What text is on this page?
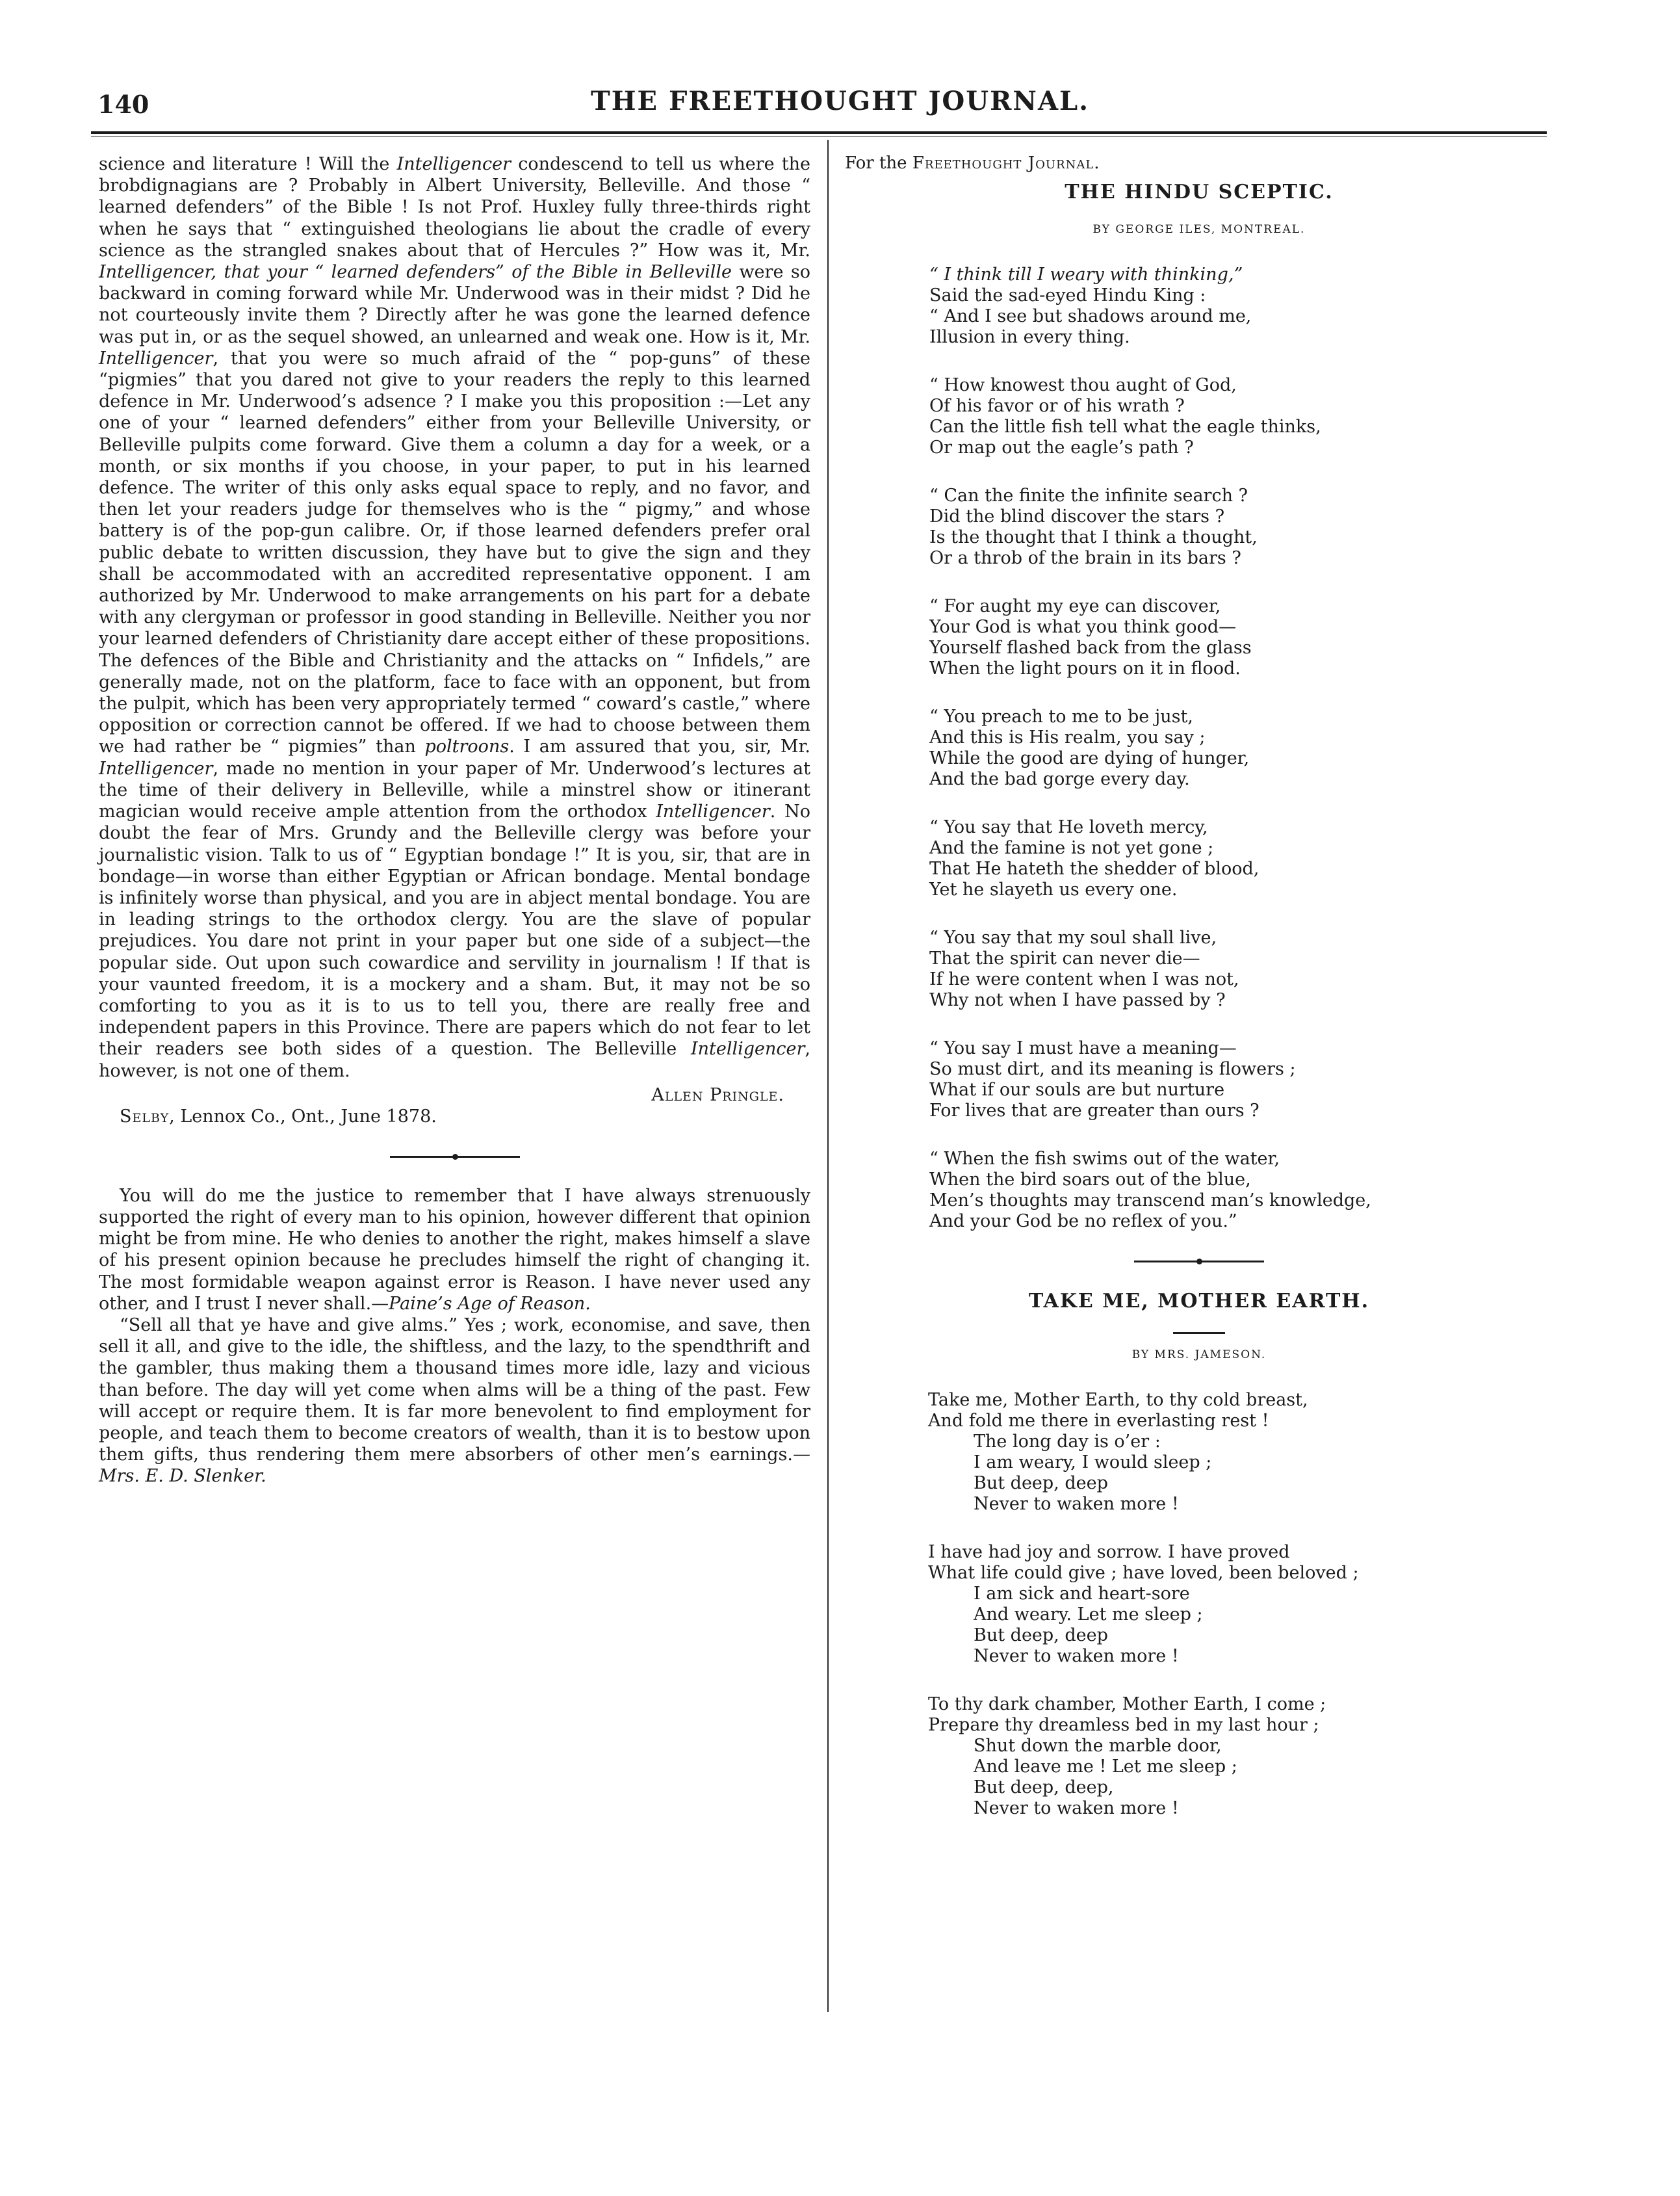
140	THE FREETHOUGHT JOURNAL.

science and literature ! Will the Intelligencer condescend to tell us where the brobdignagians are ? Probably in Albert University, Belleville. And those “ learned defenders” of the Bible ! Is not Prof. Huxley fully three-thirds right when he says that “ extinguished theologians lie about the cradle of every science as the strangled snakes about that of Hercules ?” How was it, Mr. Intelligencer, that your “ learned defenders” of the Bible in Belleville were so backward in coming forward while Mr. Underwood was in their midst ? Did he not courteously invite them ? Directly after he was gone the learned defence was put in, or as the sequel showed, an unlearned and weak one. How is it, Mr. Intelligencer, that you were so much afraid of the “ pop-guns” of these “pigmies” that you dared not give to your readers the reply to this learned defence in Mr. Underwood’s adsence ? I make you this proposition :—Let any one of your “ learned defenders” either from your Belleville University, or Belleville pulpits come forward. Give them a column a day for a week, or a month, or six months if you choose, in your paper, to put in his learned defence. The writer of this only asks equal space to reply, and no favor, and then let your readers judge for themselves who is the “ pigmy,” and whose battery is of the pop-gun calibre. Or, if those learned defenders prefer oral public debate to written discussion, they have but to give the sign and they shall be accommodated with an accredited representative opponent. I am authorized by Mr. Underwood to make arrangements on his part for a debate with any clergyman or professor in good standing in Belleville. Neither you nor your learned defenders of Christianity dare accept either of these propositions. The defences of the Bible and Christianity and the attacks on “ Infidels,” are generally made, not on the platform, face to face with an opponent, but from the pulpit, which has been very appropriately termed “ coward’s castle,” where opposition or correction cannot be offered. If we had to choose between them we had rather be “ pigmies” than poltroons. I am assured that you, sir, Mr. Intelligencer, made no mention in your paper of Mr. Underwood’s lectures at the time of their delivery in Belleville, while a minstrel show or itinerant magician would receive ample attention from the orthodox Intelligencer. No doubt the fear of Mrs. Grundy and the Belleville clergy was before your journalistic vision. Talk to us of “ Egyptian bondage !” It is you, sir, that are in bondage—in worse than either Egyptian or African bondage. Mental bondage is infinitely worse than physical, and you are in abject mental bondage. You are in leading strings to the orthodox clergy. You are the slave of popular prejudices. You dare not print in your paper but one side of a subject—the popular side. Out upon such cowardice and servility in journalism ! If that is your vaunted freedom, it is a mockery and a sham. But, it may not be so comforting to you as it is to us to tell you, there are really free and independent papers in this Province. There are papers which do not fear to let their readers see both sides of a question. The Belleville Intelligencer, however, is not one of them.

Allen Pringle.
Selby, Lennox Co., Ont., June 1878.

You will do me the justice to remember that I have always strenuously supported the right of every man to his opinion, however different that opinion might be from mine. He who denies to another the right, makes himself a slave of his present opinion because he precludes himself the right of changing it. The most formidable weapon against error is Reason. I have never used any other, and I trust I never shall.—Paine’s Age of Reason.

“Sell all that ye have and give alms.” Yes ; work, economise, and save, then sell it all, and give to the idle, the shiftless, and the lazy, to the spendthrift and the gambler, thus making them a thousand times more idle, lazy and vicious than before. The day will yet come when alms will be a thing of the past. Few will accept or require them. It is far more benevolent to find employment for people, and teach them to become creators of wealth, than it is to bestow upon them gifts, thus rendering them mere absorbers of other men’s earnings.—Mrs. E. D. Slenker.

For the Freethought Journal.
THE HINDU SCEPTIC.
BY GEORGE ILES, MONTREAL.
“ I think till I weary with thinking,”
Said the sad-eyed Hindu King :
“ And I see but shadows around me,
Illusion in every thing.
“ How knowest thou aught of God,
Of his favor or of his wrath ?
Can the little fish tell what the eagle thinks,
Or map out the eagle’s path ?
“ Can the finite the infinite search ?
Did the blind discover the stars ?
Is the thought that I think a thought,
Or a throb of the brain in its bars ?
“ For aught my eye can discover,
Your God is what you think good—
Yourself flashed back from the glass
When the light pours on it in flood.
“ You preach to me to be just,
And this is His realm, you say ;
While the good are dying of hunger,
And the bad gorge every day.
“ You say that He loveth mercy,
And the famine is not yet gone ;
That He hateth the shedder of blood,
Yet he slayeth us every one.
“ You say that my soul shall live,
That the spirit can never die—
If he were content when I was not,
Why not when I have passed by ?
“ You say I must have a meaning—
So must dirt, and its meaning is flowers ;
What if our souls are but nurture
For lives that are greater than ours ?
“ When the fish swims out of the water,
When the bird soars out of the blue,
Men’s thoughts may transcend man’s knowledge,
And your God be no reflex of you.”
TAKE ME, MOTHER EARTH.
BY MRS. JAMESON.
Take me, Mother Earth, to thy cold breast,
And fold me there in everlasting rest !
The long day is o’er :
I am weary, I would sleep ;
But deep, deep
Never to waken more !
I have had joy and sorrow. I have proved
What life could give ; have loved, been beloved ;
I am sick and heart-sore
And weary. Let me sleep ;
But deep, deep
Never to waken more !
To thy dark chamber, Mother Earth, I come ;
Prepare thy dreamless bed in my last hour ;
Shut down the marble door,
And leave me ! Let me sleep ;
But deep, deep,
Never to waken more !
